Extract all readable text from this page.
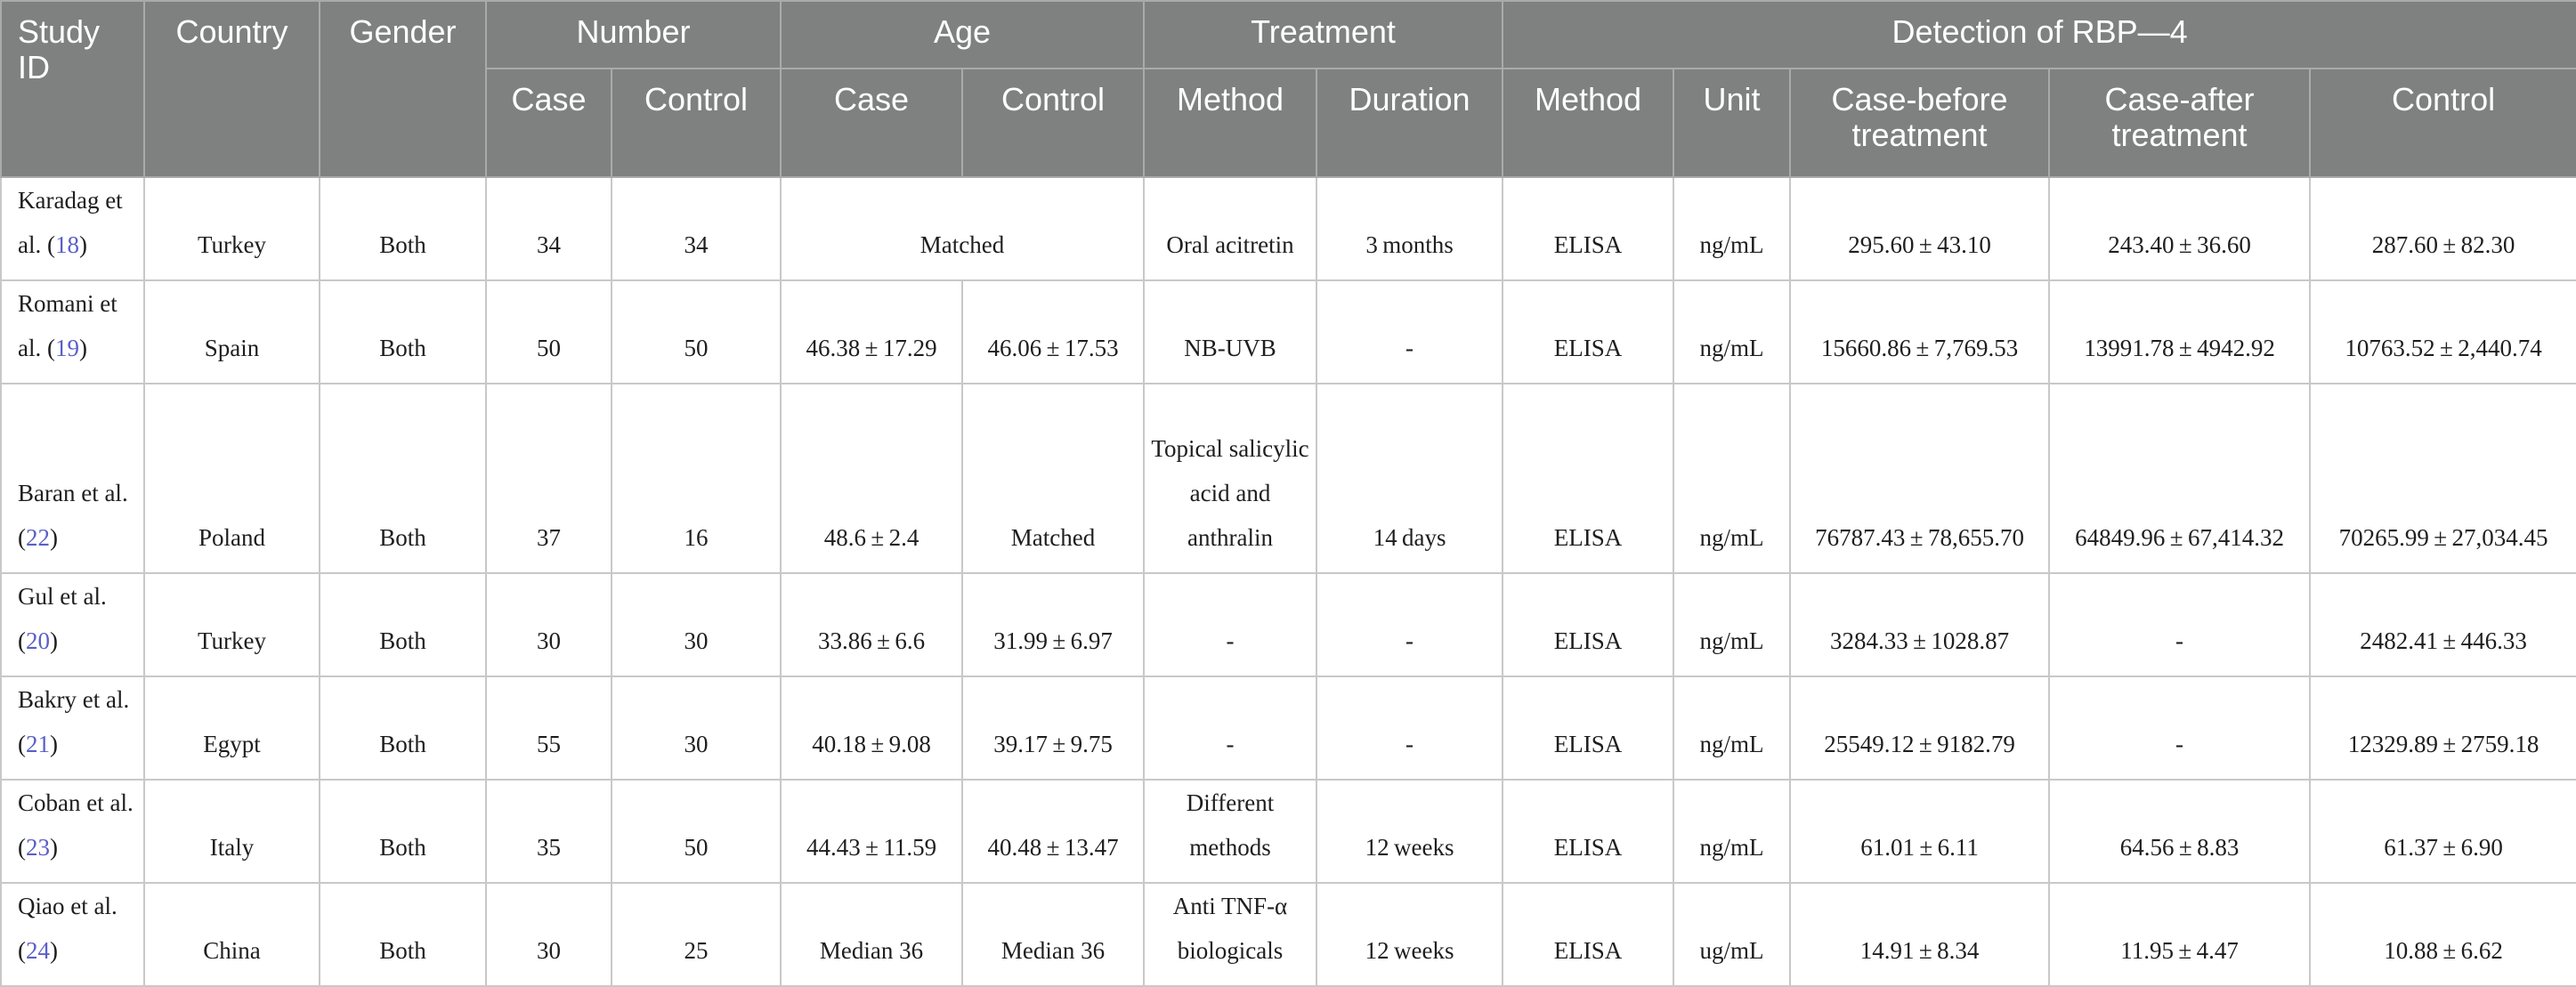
Study ID	Country	Gender	Number		Age		Treatment		Detection of RBP—4				
			Case	Control	Case	Control	Method	Duration	Method	Unit	Case-before treatment	Case-after treatment	Control
Karadag et al. (18)	Turkey	Both	34	34	Matched		Oral acitretin	3 months	ELISA	ng/mL	295.60 ± 43.10	243.40 ± 36.60	287.60 ± 82.30
Romani et al. (19)	Spain	Both	50	50	46.38 ± 17.29	46.06 ± 17.53	NB-UVB	-	ELISA	ng/mL	15660.86 ± 7,769.53	13991.78 ± 4942.92	10763.52 ± 2,440.74
Baran et al. (22)	Poland	Both	37	16	48.6 ± 2.4	Matched	Topical salicylic acid and anthralin	14 days	ELISA	ng/mL	76787.43 ± 78,655.70	64849.96 ± 67,414.32	70265.99 ± 27,034.45
Gul et al. (20)	Turkey	Both	30	30	33.86 ± 6.6	31.99 ± 6.97	-	-	ELISA	ng/mL	3284.33 ± 1028.87	-	2482.41 ± 446.33
Bakry et al. (21)	Egypt	Both	55	30	40.18 ± 9.08	39.17 ± 9.75	-	-	ELISA	ng/mL	25549.12 ± 9182.79	-	12329.89 ± 2759.18
Coban et al. (23)	Italy	Both	35	50	44.43 ± 11.59	40.48 ± 13.47	Different methods	12 weeks	ELISA	ng/mL	61.01 ± 6.11	64.56 ± 8.83	61.37 ± 6.90
Qiao et al. (24)	China	Both	30	25	Median 36	Median 36	Anti TNF-α biologicals	12 weeks	ELISA	ug/mL	14.91 ± 8.34	11.95 ± 4.47	10.88 ± 6.62
